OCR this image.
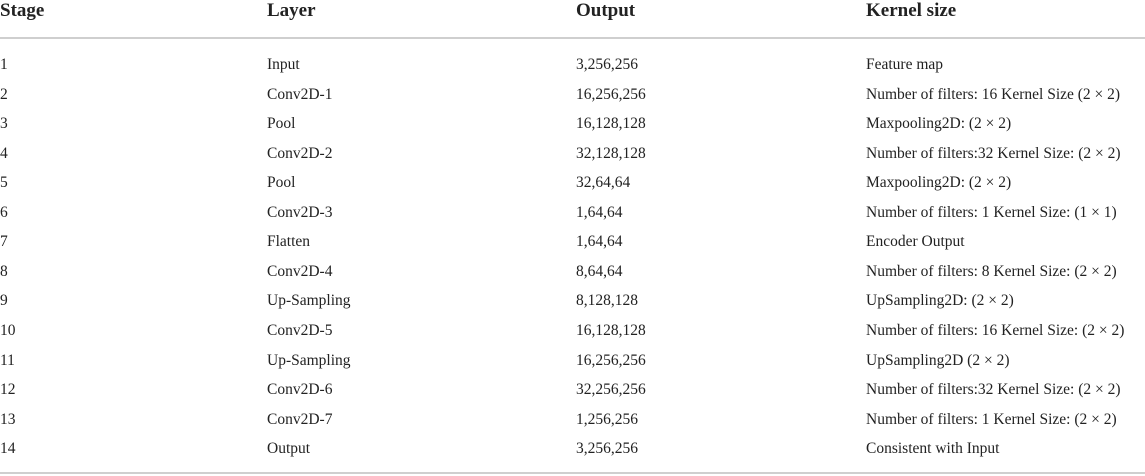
Stage	Layer	Output	Kernel size
1	Input	3,256,256	Feature map
2	Conv2D-1	16,256,256	Number of filters: 16 Kernel Size (2 × 2)
3	Pool	16,128,128	Maxpooling2D: (2 × 2)
4	Conv2D-2	32,128,128	Number of filters:32 Kernel Size: (2 × 2)
5	Pool	32,64,64	Maxpooling2D: (2 × 2)
6	Conv2D-3	1,64,64	Number of filters: 1 Kernel Size: (1 × 1)
7	Flatten	1,64,64	Encoder Output
8	Conv2D-4	8,64,64	Number of filters: 8 Kernel Size: (2 × 2)
9	Up-Sampling	8,128,128	UpSampling2D: (2 × 2)
10	Conv2D-5	16,128,128	Number of filters: 16 Kernel Size: (2 × 2)
11	Up-Sampling	16,256,256	UpSampling2D (2 × 2)
12	Conv2D-6	32,256,256	Number of filters:32 Kernel Size: (2 × 2)
13	Conv2D-7	1,256,256	Number of filters: 1 Kernel Size: (2 × 2)
14	Output	3,256,256	Consistent with Input
